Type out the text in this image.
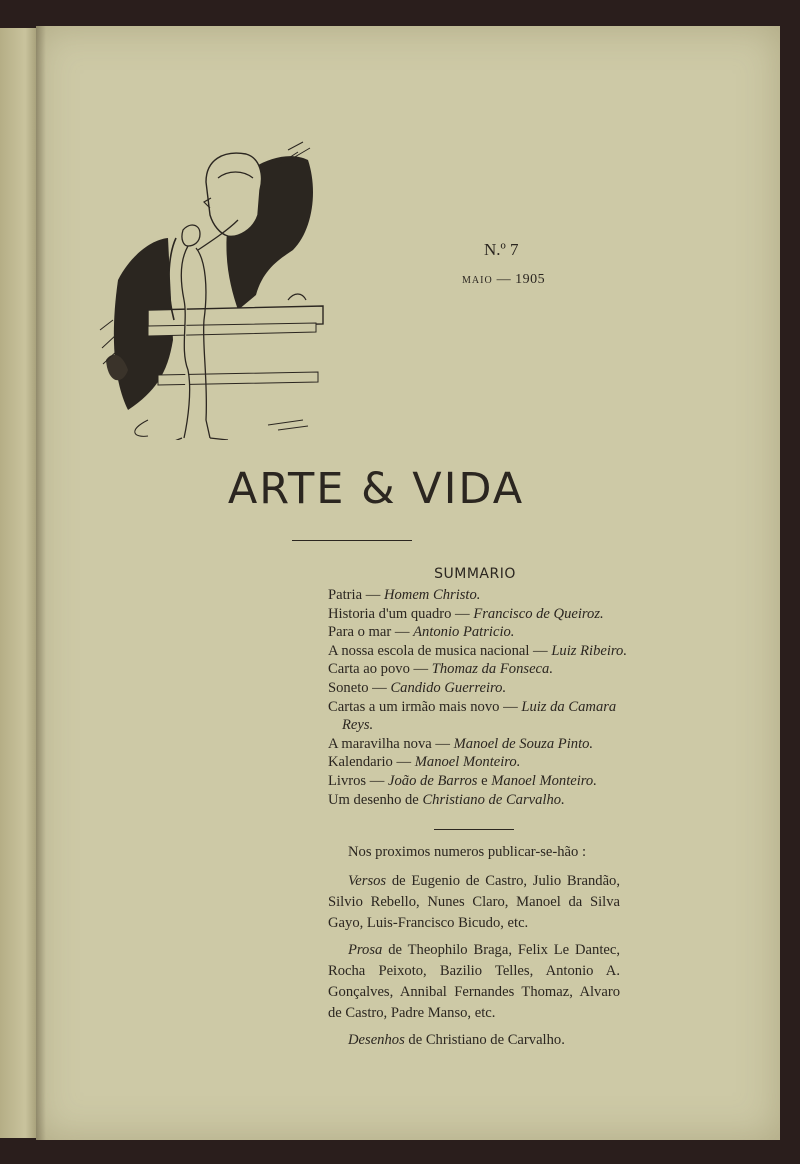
N.º 7
MAIO — 1905
ARTE & VIDA
SUMMARIO

Patria — Homem Christo.

Historia d'um quadro — Francisco de Queiroz.

Para o mar — Antonio Patricio.

A nossa escola de musica nacional — Luiz Ribeiro.

Carta ao povo — Thomaz da Fonseca.

Soneto — Candido Guerreiro.

Cartas a um irmão mais novo — Luiz da Camara Reys.

A maravilha nova — Manoel de Souza Pinto.

Kalendario — Manoel Monteiro.

Livros — João de Barros e Manoel Monteiro.

Um desenho de Christiano de Carvalho.

Nos proximos numeros publicar-se-hão :

Versos de Eugenio de Castro, Julio Brandão, Silvio Rebello, Nunes Claro, Manoel da Silva Gayo, Luis-Francisco Bicudo, etc.

Prosa de Theophilo Braga, Felix Le Dantec, Rocha Peixoto, Bazilio Telles, Antonio A. Gonçalves, Annibal Fernandes Thomaz, Alvaro de Castro, Padre Manso, etc.

Desenhos de Christiano de Carvalho.
